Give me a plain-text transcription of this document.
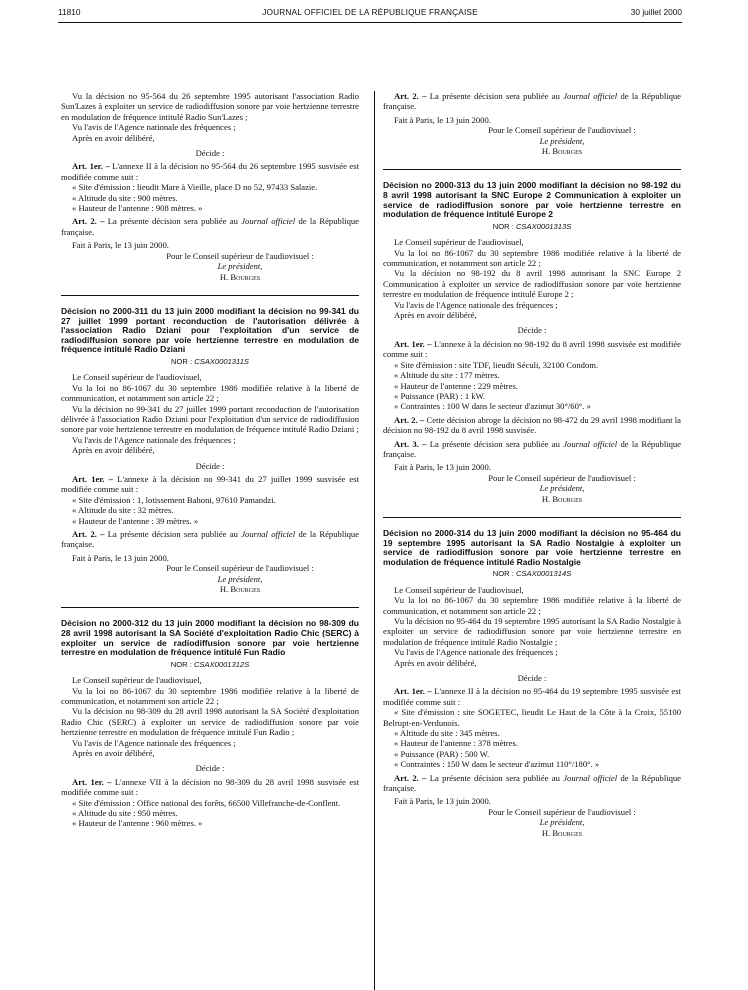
11810	JOURNAL OFFICIEL DE LA RÉPUBLIQUE FRANÇAISE	30 juillet 2000

Vu la décision no 95-564 du 26 septembre 1995 autorisant l'association Radio Sun'Lazes à exploiter un service de radiodiffusion sonore par voie hertzienne terrestre en modulation de fréquence intitulé Radio Sun'Lazes ;

Vu l'avis de l'Agence nationale des fréquences ;

Après en avoir délibéré,

Décide :

Art. 1er. – L'annexe II à la décision no 95-564 du 26 septembre 1995 susvisée est modifiée comme suit :

« Site d'émission : lieudit Mare à Vieille, place D no 52, 97433 Salazie.

« Altitude du site : 900 mètres.

« Hauteur de l'antenne : 908 mètres. »

Art. 2. – La présente décision sera publiée au Journal officiel de la République française.

Fait à Paris, le 13 juin 2000.

Pour le Conseil supérieur de l'audiovisuel :

Le président,

H. Bourges

Décision no 2000-311 du 13 juin 2000 modifiant la décision no 99-341 du 27 juillet 1999 portant reconduction de l'autorisation délivrée à l'association Radio Dziani pour l'exploitation d'un service de radiodiffusion sonore par voie hertzienne terrestre en modulation de fréquence intitulé Radio Dziani

NOR : CSAX0001311S

Le Conseil supérieur de l'audiovisuel,

Vu la loi no 86-1067 du 30 septembre 1986 modifiée relative à la liberté de communication, et notamment son article 22 ;

Vu la décision no 99-341 du 27 juillet 1999 portant reconduction de l'autorisation délivrée à l'association Radio Dziani pour l'exploitation d'un service de radiodiffusion sonore par voie hertzienne terrestre en modulation de fréquence intitulé Radio Dziani ;

Vu l'avis de l'Agence nationale des fréquences ;

Après en avoir délibéré,

Décide :

Art. 1er. – L'annexe à la décision no 99-341 du 27 juillet 1999 susvisée est modifiée comme suit :

« Site d'émission : 1, lotissement Bahoni, 97610 Pamandzi.

« Altitude du site : 32 mètres.

« Hauteur de l'antenne : 39 mètres. »

Art. 2. – La présente décision sera publiée au Journal officiel de la République française.

Fait à Paris, le 13 juin 2000.

Pour le Conseil supérieur de l'audiovisuel :

Le président,

H. Bourges

Décision no 2000-312 du 13 juin 2000 modifiant la décision no 98-309 du 28 avril 1998 autorisant la SA Société d'exploitation Radio Chic (SERC) à exploiter un service de radiodiffusion sonore par voie hertzienne terrestre en modulation de fréquence intitulé Fun Radio

NOR : CSAX0001312S

Le Conseil supérieur de l'audiovisuel,

Vu la loi no 86-1067 du 30 septembre 1986 modifiée relative à la liberté de communication, et notamment son article 22 ;

Vu la décision no 98-309 du 28 avril 1998 autorisant la SA Société d'exploitation Radio Chic (SERC) à exploiter un service de radiodiffusion sonore par voie hertzienne terrestre en modulation de fréquence intitulé Fun Radio ;

Vu l'avis de l'Agence nationale des fréquences ;

Après en avoir délibéré,

Décide :

Art. 1er. – L'annexe VII à la décision no 98-309 du 28 avril 1998 susvisée est modifiée comme suit :

« Site d'émission : Office national des forêts, 66500 Villefranche-de-Conflent.

« Altitude du site : 950 mètres.

« Hauteur de l'antenne : 960 mètres. »

Art. 2. – La présente décision sera publiée au Journal officiel de la République française.

Fait à Paris, le 13 juin 2000.

Pour le Conseil supérieur de l'audiovisuel :

Le président,

H. Bourges

Décision no 2000-313 du 13 juin 2000 modifiant la décision no 98-192 du 8 avril 1998 autorisant la SNC Europe 2 Communication à exploiter un service de radiodiffusion sonore par voie hertzienne terrestre en modulation de fréquence intitulé Europe 2

NOR : CSAX0001313S

Le Conseil supérieur de l'audiovisuel,

Vu la loi no 86-1067 du 30 septembre 1986 modifiée relative à la liberté de communication, et notamment son article 22 ;

Vu la décision no 98-192 du 8 avril 1998 autorisant la SNC Europe 2 Communication à exploiter un service de radiodiffusion sonore par voie hertzienne terrestre en modulation de fréquence intitulé Europe 2 ;

Vu l'avis de l'Agence nationale des fréquences ;

Après en avoir délibéré,

Décide :

Art. 1er. – L'annexe à la décision no 98-192 du 8 avril 1998 susvisée est modifiée comme suit :

« Site d'émission : site TDF, lieudit Séculi, 32100 Condom.

« Altitude du site : 177 mètres.

« Hauteur de l'antenne : 229 mètres.

« Puissance (PAR) : 1 kW.

« Contraintes : 100 W dans le secteur d'azimut 30°/60°. »

Art. 2. – Cette décision abroge la décision no 98-472 du 29 avril 1998 modifiant la décision no 98-192 du 8 avril 1998 susvisée.

Art. 3. – La présente décision sera publiée au Journal officiel de la République française.

Fait à Paris, le 13 juin 2000.

Pour le Conseil supérieur de l'audiovisuel :

Le président,

H. Bourges

Décision no 2000-314 du 13 juin 2000 modifiant la décision no 95-464 du 19 septembre 1995 autorisant la SA Radio Nostalgie à exploiter un service de radiodiffusion sonore par voie hertzienne terrestre en modulation de fréquence intitulé Radio Nostalgie

NOR : CSAX0001314S

Le Conseil supérieur de l'audiovisuel,

Vu la loi no 86-1067 du 30 septembre 1986 modifiée relative à la liberté de communication, et notamment son article 22 ;

Vu la décision no 95-464 du 19 septembre 1995 autorisant la SA Radio Nostalgie à exploiter un service de radiodiffusion sonore par voie hertzienne terrestre en modulation de fréquence intitulé Radio Nostalgie ;

Vu l'avis de l'Agence nationale des fréquences ;

Après en avoir délibéré,

Décide :

Art. 1er. – L'annexe II à la décision no 95-464 du 19 septembre 1995 susvisée est modifiée comme suit :

« Site d'émission : site SOGETEC, lieudit Le Haut de la Côte à la Croix, 55100 Belrupt-en-Verdunois.

« Altitude du site : 345 mètres.

« Hauteur de l'antenne : 378 mètres.

« Puissance (PAR) : 500 W.

« Contraintes : 150 W dans le secteur d'azimut 110°/180°. »

Art. 2. – La présente décision sera publiée au Journal officiel de la République française.

Fait à Paris, le 13 juin 2000.

Pour le Conseil supérieur de l'audiovisuel :

Le président,

H. Bourges
